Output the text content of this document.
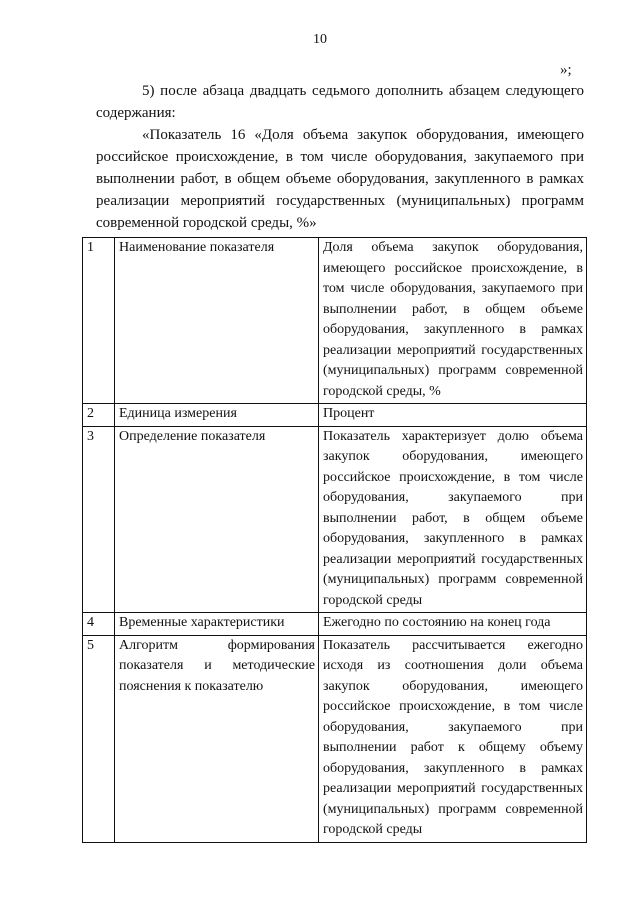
10
»;
5) после абзаца двадцать седьмого дополнить абзацем следующего содержания:
«Показатель 16 «Доля объема закупок оборудования, имеющего российское происхождение, в том числе оборудования, закупаемого при выполнении работ, в общем объеме оборудования, закупленного в рамках реализации мероприятий государственных (муниципальных) программ современной городской среды, %»
1	Наименование показателя	Доля объема закупок оборудования, имеющего российское происхождение, в том числе оборудования, закупаемого при выполнении работ, в общем объеме оборудования, закупленного в рамках реализации мероприятий государственных (муниципальных) программ современной городской среды, %
2	Единица измерения	Процент
3	Определение показателя	Показатель характеризует долю объема закупок оборудования, имеющего российское происхождение, в том числе оборудования, закупаемого при выполнении работ, в общем объеме оборудования, закупленного в рамках реализации мероприятий государственных (муниципальных) программ современной городской среды
4	Временные характеристики	Ежегодно по состоянию на конец года
5	Алгоритм формирования показателя и методические пояснения к показателю	Показатель рассчитывается ежегодно исходя из соотношения доли объема закупок оборудования, имеющего российское происхождение, в том числе оборудования, закупаемого при выполнении работ к общему объему оборудования, закупленного в рамках реализации мероприятий государственных (муниципальных) программ современной городской среды
